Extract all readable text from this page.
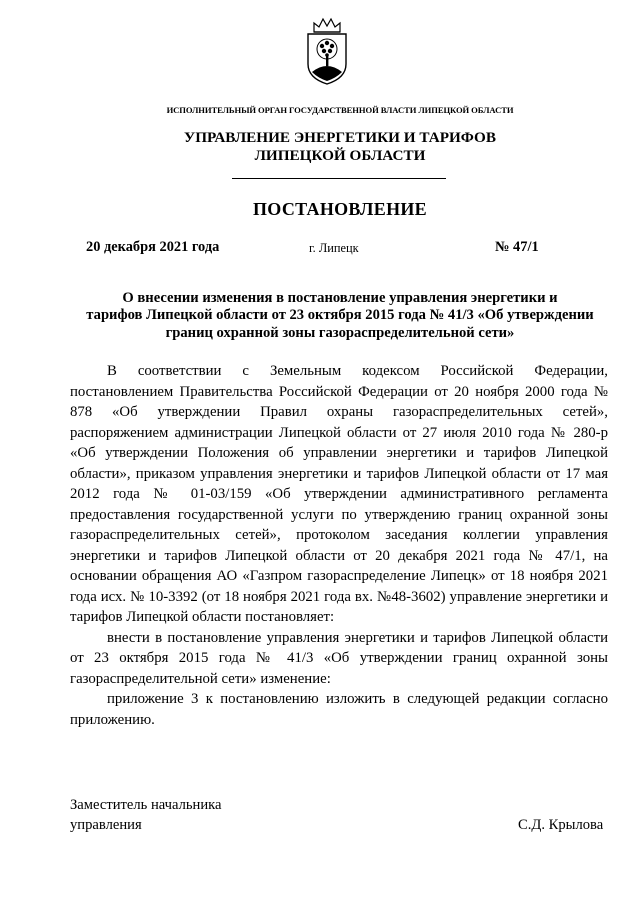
ИСПОЛНИТЕЛЬНЫЙ ОРГАН ГОСУДАРСТВЕННОЙ ВЛАСТИ ЛИПЕЦКОЙ ОБЛАСТИ
УПРАВЛЕНИЕ ЭНЕРГЕТИКИ И ТАРИФОВ
ЛИПЕЦКОЙ ОБЛАСТИ
ПОСТАНОВЛЕНИЕ
20 декабря 2021 года	г. Липецк	№ 47/1
О внесении изменения в постановление управления энергетики и
тарифов Липецкой области от 23 октября 2015 года № 41/3 «Об утверждении
границ охранной зоны газораспределительной сети»

В соответствии с Земельным кодексом Российской Федерации, постановлением Правительства Российской Федерации от 20 ноября 2000 года № 878 «Об утверждении Правил охраны газораспределительных сетей», распоряжением администрации Липецкой области от 27 июля 2010 года № 280-р «Об утверждении Положения об управлении энергетики и тарифов Липецкой области», приказом управления энергетики и тарифов Липецкой области от 17 мая 2012 года № 01-03/159 «Об утверждении административного регламента предоставления государственной услуги по утверждению границ охранной зоны газораспределительных сетей», протоколом заседания коллегии управления энергетики и тарифов Липецкой области от 20 декабря 2021 года № 47/1, на основании обращения АО «Газпром газораспределение Липецк» от 18 ноября 2021 года исх. № 10-3392 (от 18 ноября 2021 года вх. №48-3602) управление энергетики и тарифов Липецкой области постановляет:

внести в постановление управления энергетики и тарифов Липецкой области от 23 октября 2015 года № 41/3 «Об утверждении границ охранной зоны газораспределительной сети» изменение:

приложение 3 к постановлению изложить в следующей редакции согласно приложению.

Заместитель начальника
управления	С.Д. Крылова
